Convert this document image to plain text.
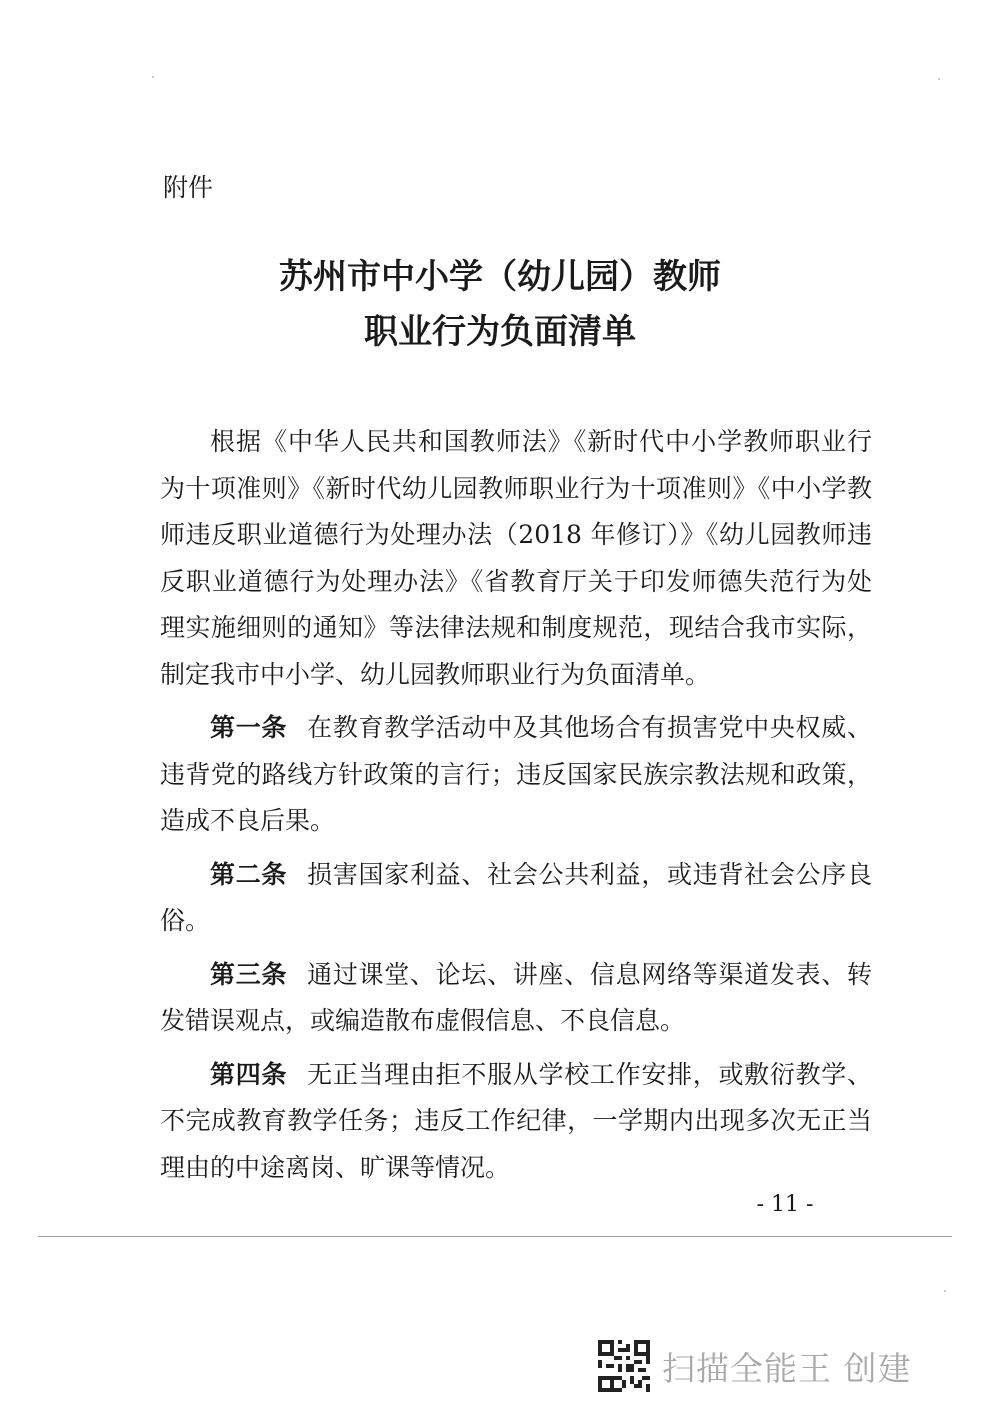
附件
苏州市中小学（幼儿园）教师
职业行为负面清单

根据《中华人民共和国教师法》《新时代中小学教师职业行为十项准则》《新时代幼儿园教师职业行为十项准则》《中小学教师违反职业道德行为处理办法（2018 年修订）》《幼儿园教师违反职业道德行为处理办法》《省教育厅关于印发师德失范行为处理实施细则的通知》等法律法规和制度规范，现结合我市实际，制定我市中小学、幼儿园教师职业行为负面清单。

第一条 在教育教学活动中及其他场合有损害党中央权威、违背党的路线方针政策的言行；违反国家民族宗教法规和政策，造成不良后果。

第二条 损害国家利益、社会公共利益，或违背社会公序良俗。

第三条 通过课堂、论坛、讲座、信息网络等渠道发表、转发错误观点，或编造散布虚假信息、不良信息。

第四条 无正当理由拒不服从学校工作安排，或敷衍教学、不完成教育教学任务；违反工作纪律，一学期内出现多次无正当理由的中途离岗、旷课等情况。

- 11 -
扫描全能王 创建
